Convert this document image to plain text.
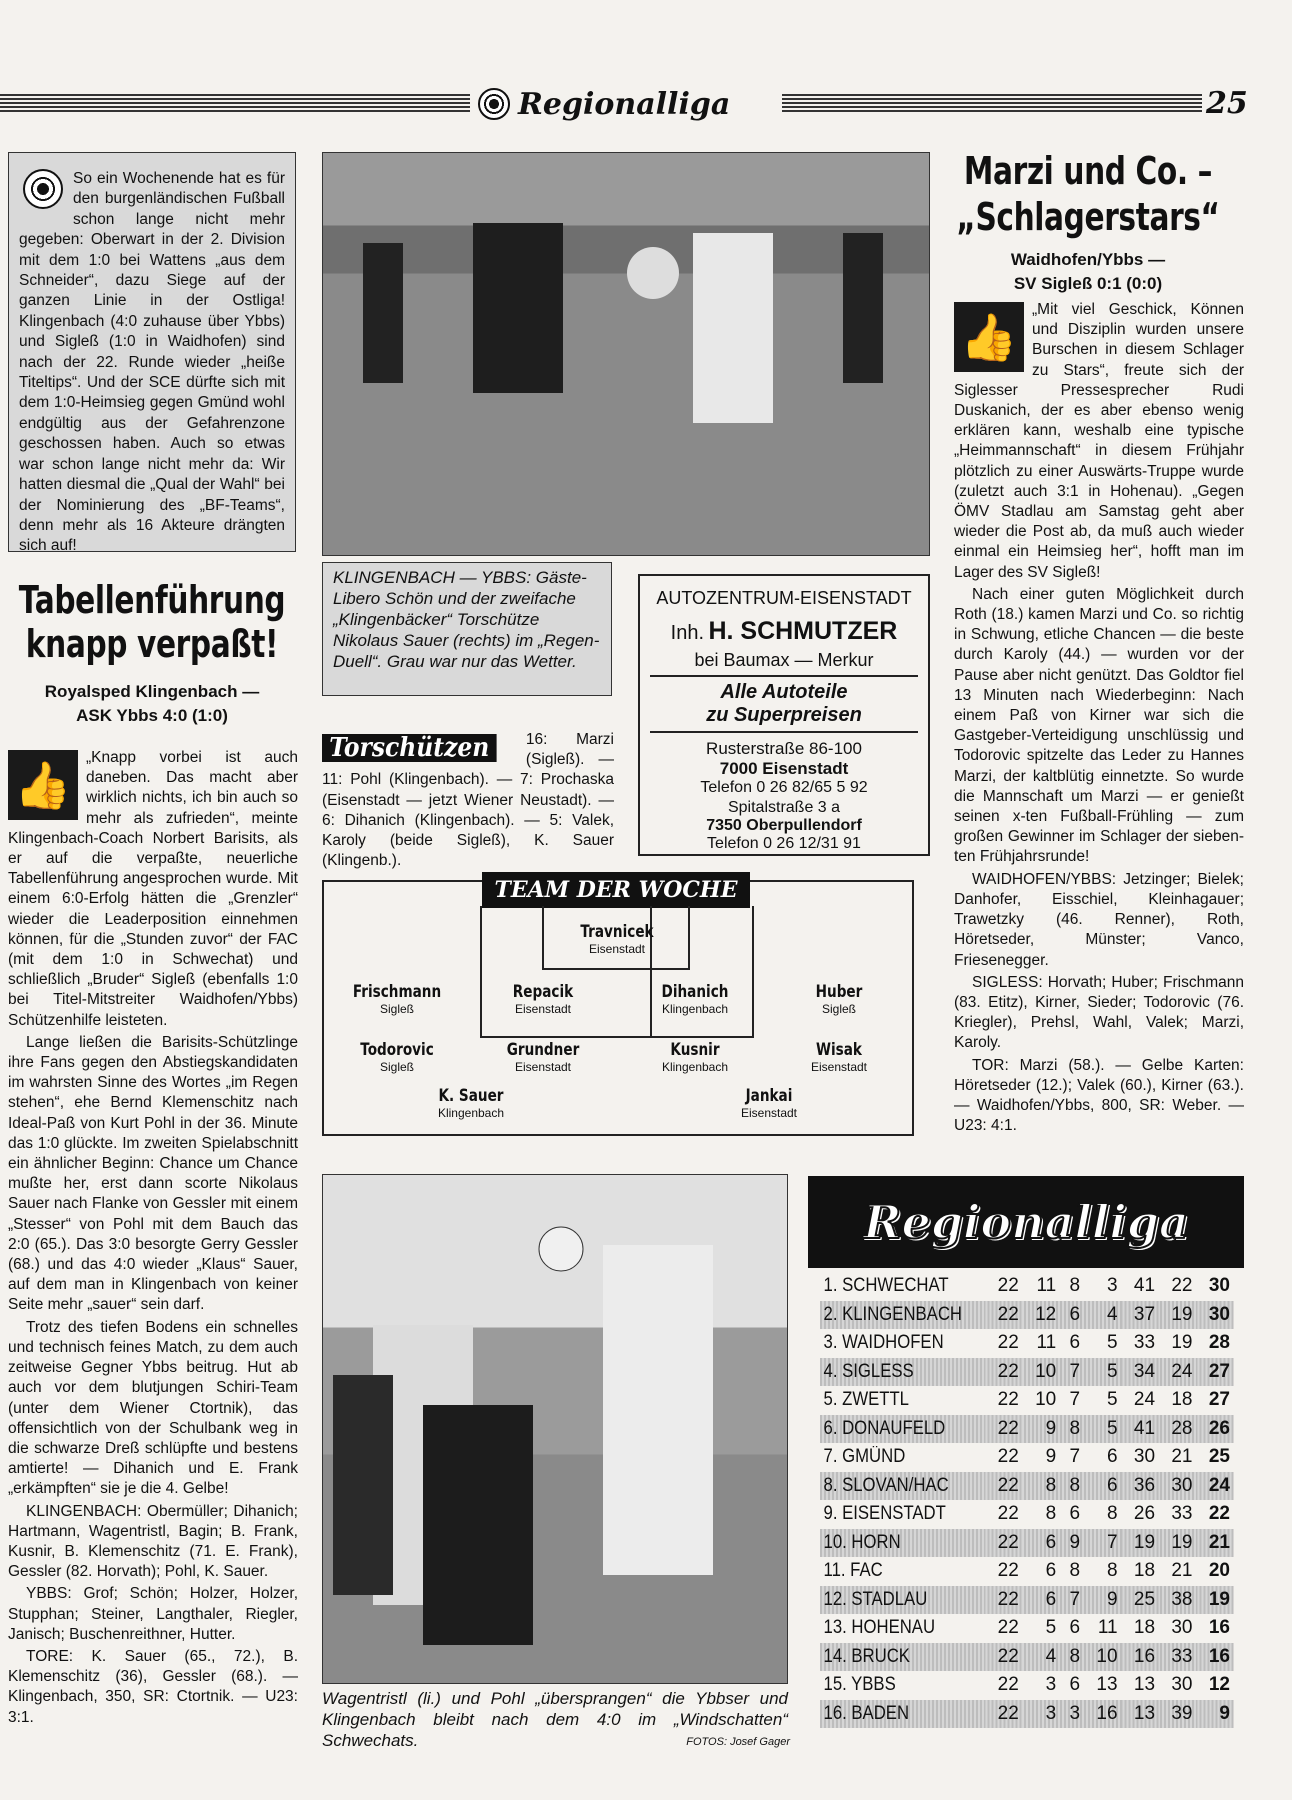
Regionalliga	25
So ein Wochenende hat es für den burgenländischen Fußball schon lange nicht mehr gegeben: Oberwart in der 2. Division mit dem 1:0 bei Wattens „aus dem Schneider“, dazu Siege auf der ganzen Linie in der Ostliga! Klingenbach (4:0 zuhause über Ybbs) und Sigleß (1:0 in Waidhofen) sind nach der 22. Runde wieder „heiße Titeltips“. Und der SCE dürfte sich mit dem 1:0-Heimsieg gegen Gmünd wohl endgültig aus der Gefahrenzone geschossen haben. Auch so etwas war schon lange nicht mehr da: Wir hatten diesmal die „Qual der Wahl“ bei der Nominierung des „BF-Teams“, denn mehr als 16 Akteure drängten sich auf!
Tabellenführung
knapp verpaßt!
Royalsped Klingenbach —
ASK Ybbs 4:0 (1:0)
👍

„Knapp vorbei ist auch daneben. Das macht aber wirklich nichts, ich bin auch so mehr als zufrieden“, meinte Klingenbach-Coach Norbert Barisits, als er auf die verpaßte, neuerliche Tabellenführung angesprochen wurde. Mit einem 6:0-Erfolg hätten die „Grenzler“ wieder die Leaderposition einnehmen können, für die „Stunden zuvor“ der FAC (mit dem 1:0 in Schwechat) und schließlich „Bruder“ Sigleß (ebenfalls 1:0 bei Titel-Mitstreiter Waidhofen/Ybbs) Schützenhilfe leisteten.

Lange ließen die Barisits-Schützlinge ihre Fans gegen den Abstiegskandidaten im wahrsten Sinne des Wortes „im Regen stehen“, ehe Bernd Klemenschitz nach Ideal-Paß von Kurt Pohl in der 36. Minute das 1:0 glückte. Im zweiten Spielabschnitt ein ähnlicher Beginn: Chance um Chance mußte her, erst dann scorte Nikolaus Sauer nach Flanke von Gessler mit einem „Stesser“ von Pohl mit dem Bauch das 2:0 (65.). Das 3:0 besorgte Gerry Gessler (68.) und das 4:0 wieder „Klaus“ Sauer, auf dem man in Klingenbach von keiner Seite mehr „sauer“ sein darf.

Trotz des tiefen Bodens ein schnelles und technisch feines Match, zu dem auch zeitweise Gegner Ybbs beitrug. Hut ab auch vor dem blutjungen Schiri-Team (unter dem Wiener Ctortnik), das offensichtlich von der Schulbank weg in die schwarze Dreß schlüpfte und bestens amtierte! — Dihanich und E. Frank „erkämpften“ sie je die 4. Gelbe!

KLINGENBACH: Obermüller; Dihanich; Hartmann, Wagentristl, Bagin; B. Frank, Kusnir, B. Klemenschitz (71. E. Frank), Gessler (82. Horvath); Pohl, K. Sauer.

YBBS: Grof; Schön; Holzer, Holzer, Stupphan; Steiner, Langthaler, Riegler, Janisch; Buschenreithner, Hutter.

TORE: K. Sauer (65., 72.), B. Klemenschitz (36), Gessler (68.). — Klingenbach, 350, SR: Ctortnik. — U23: 3:1.

KLINGENBACH — YBBS: Gäste-Libero Schön und der zweifache „Klingenbäcker“ Torschütze Nikolaus Sauer (rechts) im „Regen-Duell“. Grau war nur das Wetter.
AUTOZENTRUM-EISENSTADT
Inh. H. SCHMUTZER
bei Baumax — Merkur
Alle Autoteile
zu Superpreisen
Rusterstraße 86-100
7000 Eisenstadt
Telefon 0 26 82/65 5 92
Spitalstraße 3 a
7350 Oberpullendorf
Telefon 0 26 12/31 91
Torschützen	16: Marzi (Sigleß). — 11: Pohl (Klingenbach). — 7: Prochaska (Eisenstadt — jetzt Wiener Neustadt). — 6: Dihanich (Klingenbach). — 5: Valek, Karoly (beide Sigleß), K. Sauer (Klingenb.).
TEAM DER WOCHE
Travnicek
Eisenstadt
Frischmann
Sigleß
Repacik
Eisenstadt
Dihanich
Klingenbach
Huber
Sigleß
Todorovic
Sigleß
Grundner
Eisenstadt
Kusnir
Klingenbach
Wisak
Eisenstadt
K. Sauer
Klingenbach
Jankai
Eisenstadt
Wagentristl (li.) und Pohl „übersprangen“ die Ybbser und Klingenbach bleibt nach dem 4:0 im „Windschatten“ Schwechats.	FOTOS: Josef Gager
Marzi und Co. –
„Schlagerstars“
Waidhofen/Ybbs —
SV Sigleß 0:1 (0:0)
👍

„Mit viel Geschick, Können und Disziplin wurden unsere Burschen in diesem Schlager zu Stars“, freute sich der Siglesser Pressesprecher Rudi Duskanich, der es aber ebenso wenig erklären kann, weshalb eine typische „Heimmannschaft“ in diesem Frühjahr plötzlich zu einer Auswärts-Truppe wurde (zuletzt auch 3:1 in Hohenau). „Gegen ÖMV Stadlau am Samstag geht aber wieder die Post ab, da muß auch wieder einmal ein Heimsieg her“, hofft man im Lager des SV Sigleß!

Nach einer guten Möglichkeit durch Roth (18.) kamen Marzi und Co. so richtig in Schwung, etliche Chancen — die beste durch Karoly (44.) — wurden vor der Pause aber nicht genützt. Das Goldtor fiel 13 Minuten nach Wiederbeginn: Nach einem Paß von Kirner war sich die Gastgeber-Verteidigung unschlüssig und Todorovic spitzelte das Leder zu Hannes Marzi, der kaltblütig einnetzte. So wurde die Mannschaft um Marzi — er genießt seinen x-ten Fußball-Frühling — zum großen Gewinner im Schlager der sieben-ten Frühjahrsrunde!

WAIDHOFEN/YBBS: Jetzinger; Bielek; Danhofer, Eisschiel, Kleinhagauer; Trawetzky (46. Renner), Roth, Höretseder, Münster; Vanco, Friesenegger.

SIGLESS: Horvath; Huber; Frischmann (83. Etitz), Kirner, Sieder; Todorovic (76. Kriegler), Prehsl, Wahl, Valek; Marzi, Karoly.

TOR: Marzi (58.). — Gelbe Karten: Höretseder (12.); Valek (60.), Kirner (63.). — Waidhofen/Ybbs, 800, SR: Weber. — U23: 4:1.

Regionalliga
1. SCHWECHAT	22	11	8	3	41	22	30
2. KLINGENBACH	22	12	6	4	37	19	30
3. WAIDHOFEN	22	11	6	5	33	19	28
4. SIGLESS	22	10	7	5	34	24	27
5. ZWETTL	22	10	7	5	24	18	27
6. DONAUFELD	22	9	8	5	41	28	26
7. GMÜND	22	9	7	6	30	21	25
8. SLOVAN/HAC	22	8	8	6	36	30	24
9. EISENSTADT	22	8	6	8	26	33	22
10. HORN	22	6	9	7	19	19	21
11. FAC	22	6	8	8	18	21	20
12. STADLAU	22	6	7	9	25	38	19
13. HOHENAU	22	5	6	11	18	30	16
14. BRUCK	22	4	8	10	16	33	16
15. YBBS	22	3	6	13	13	30	12
16. BADEN	22	3	3	16	13	39	9
